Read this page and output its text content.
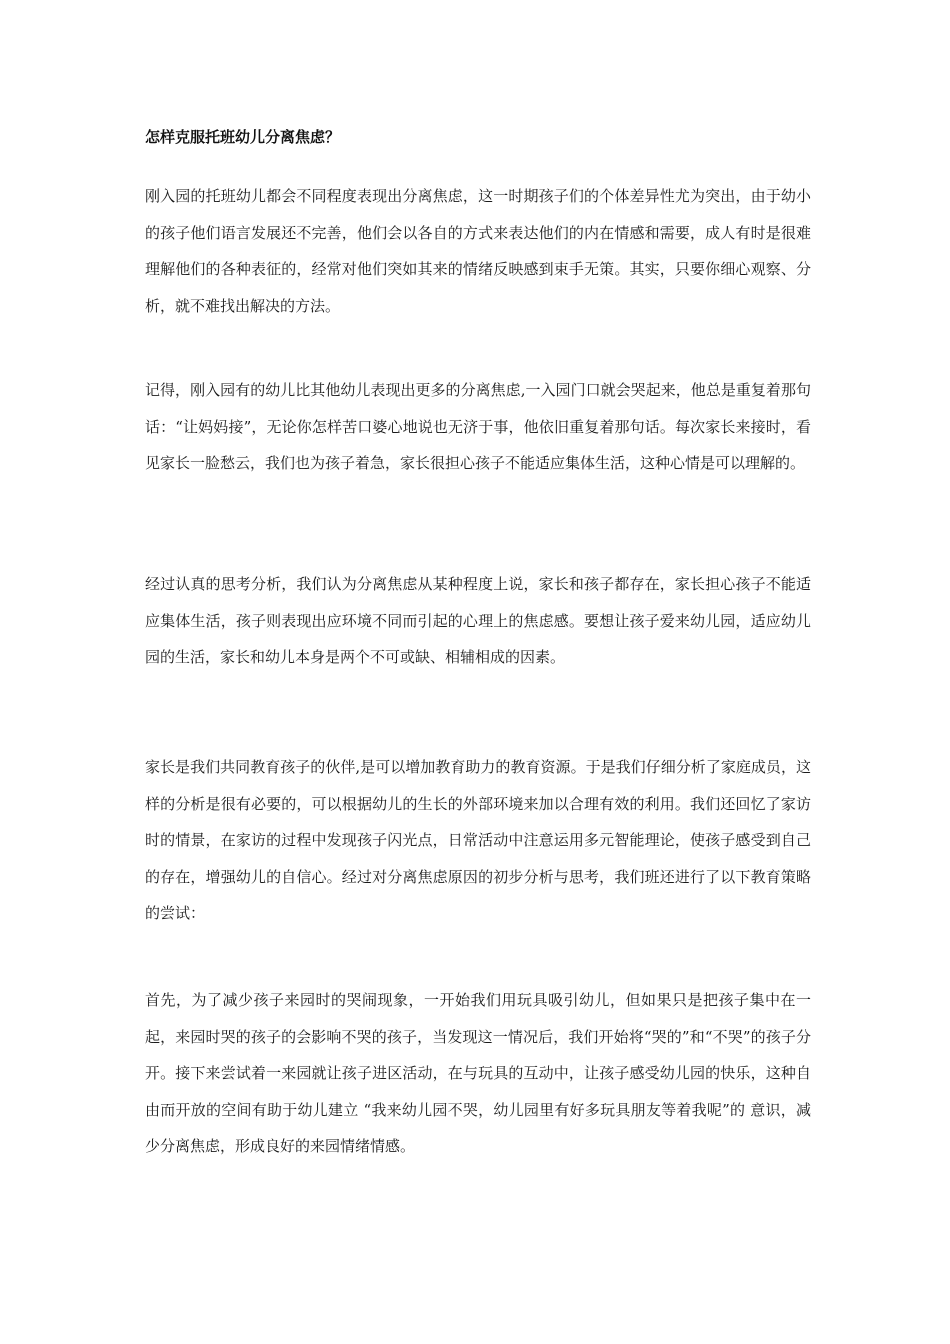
怎样克服托班幼儿分离焦虑？

刚入园的托班幼儿都会不同程度表现出分离焦虑，这一时期孩子们的个体差异性尤为突出，由于幼小的孩子他们语言发展还不完善，他们会以各自的方式来表达他们的内在情感和需要，成人有时是很难理解他们的各种表征的，经常对他们突如其来的情绪反映感到束手无策。其实，只要你细心观察、分析，就不难找出解决的方法。

记得，刚入园有的幼儿比其他幼儿表现出更多的分离焦虑,一入园门口就会哭起来，他总是重复着那句话：“让妈妈接”，无论你怎样苦口婆心地说也无济于事，他依旧重复着那句话。每次家长来接时，看见家长一脸愁云，我们也为孩子着急，家长很担心孩子不能适应集体生活，这种心情是可以理解的。

经过认真的思考分析，我们认为分离焦虑从某种程度上说，家长和孩子都存在，家长担心孩子不能适应集体生活，孩子则表现出应环境不同而引起的心理上的焦虑感。要想让孩子爱来幼儿园，适应幼儿园的生活，家长和幼儿本身是两个不可或缺、相辅相成的因素。

家长是我们共同教育孩子的伙伴,是可以增加教育助力的教育资源。于是我们仔细分析了家庭成员，这样的分析是很有必要的，可以根据幼儿的生长的外部环境来加以合理有效的利用。我们还回忆了家访时的情景，在家访的过程中发现孩子闪光点，日常活动中注意运用多元智能理论，使孩子感受到自己的存在，增强幼儿的自信心。经过对分离焦虑原因的初步分析与思考，我们班还进行了以下教育策略的尝试：

首先，为了减少孩子来园时的哭闹现象，一开始我们用玩具吸引幼儿，但如果只是把孩子集中在一起，来园时哭的孩子的会影响不哭的孩子，当发现这一情况后，我们开始将“哭的”和“不哭”的孩子分开。接下来尝试着一来园就让孩子进区活动，在与玩具的互动中，让孩子感受幼儿园的快乐，这种自由而开放的空间有助于幼儿建立 “我来幼儿园不哭，幼儿园里有好多玩具朋友等着我呢”的 意识，减少分离焦虑，形成良好的来园情绪情感。
